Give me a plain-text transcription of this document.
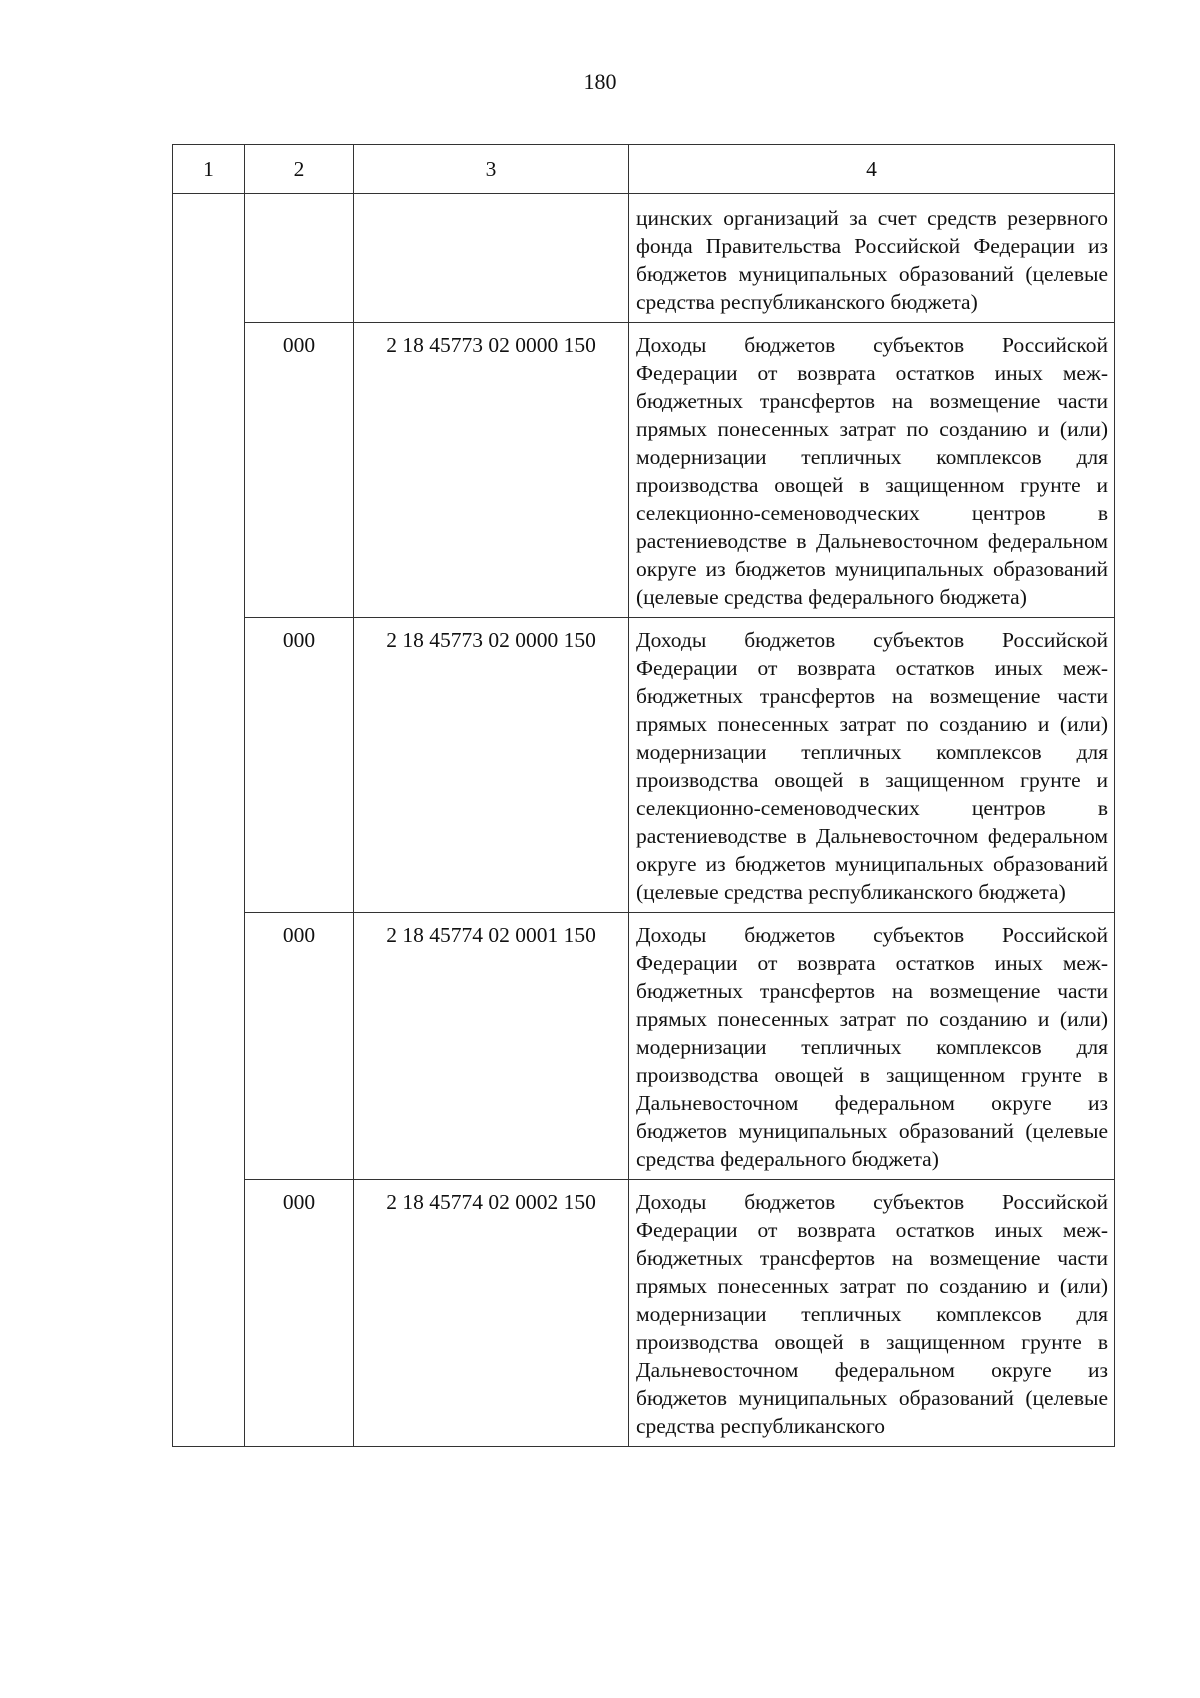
180
1	2	3	4
			цинских организаций за счет средств резервного фонда Правительства Российской Федерации из бюджетов муниципальных образований (целевые средства республиканского бюджета)
	000	2 18 45773 02 0000 150	Доходы бюджетов субъектов Российской Федерации от возврата остатков иных межбюджетных трансфертов на возмещение части прямых понесенных затрат по созданию и (или) модернизации тепличных комплексов для производства овощей в защищенном грунте и селекционно-семеноводческих центров в растениеводстве в Дальневосточном федеральном округе из бюджетов муниципальных образований (целевые средства федерального бюджета)
	000	2 18 45773 02 0000 150	Доходы бюджетов субъектов Российской Федерации от возврата остатков иных межбюджетных трансфертов на возмещение части прямых понесенных затрат по созданию и (или) модернизации тепличных комплексов для производства овощей в защищенном грунте и селекционно-семеноводческих центров в растениеводстве в Дальневосточном федеральном округе из бюджетов муниципальных образований (целевые средства республиканского бюджета)
	000	2 18 45774 02 0001 150	Доходы бюджетов субъектов Российской Федерации от возврата остатков иных межбюджетных трансфертов на возмещение части прямых понесенных затрат по созданию и (или) модернизации тепличных комплексов для производства овощей в защищенном грунте в Дальневосточном федеральном округе из бюджетов муниципальных образований (целевые средства федерального бюджета)
	000	2 18 45774 02 0002 150	Доходы бюджетов субъектов Российской Федерации от возврата остатков иных межбюджетных трансфертов на возмещение части прямых понесенных затрат по созданию и (или) модернизации тепличных комплексов для производства овощей в защищенном грунте в Дальневосточном федеральном округе из бюджетов муниципальных образований (целевые средства республиканского
